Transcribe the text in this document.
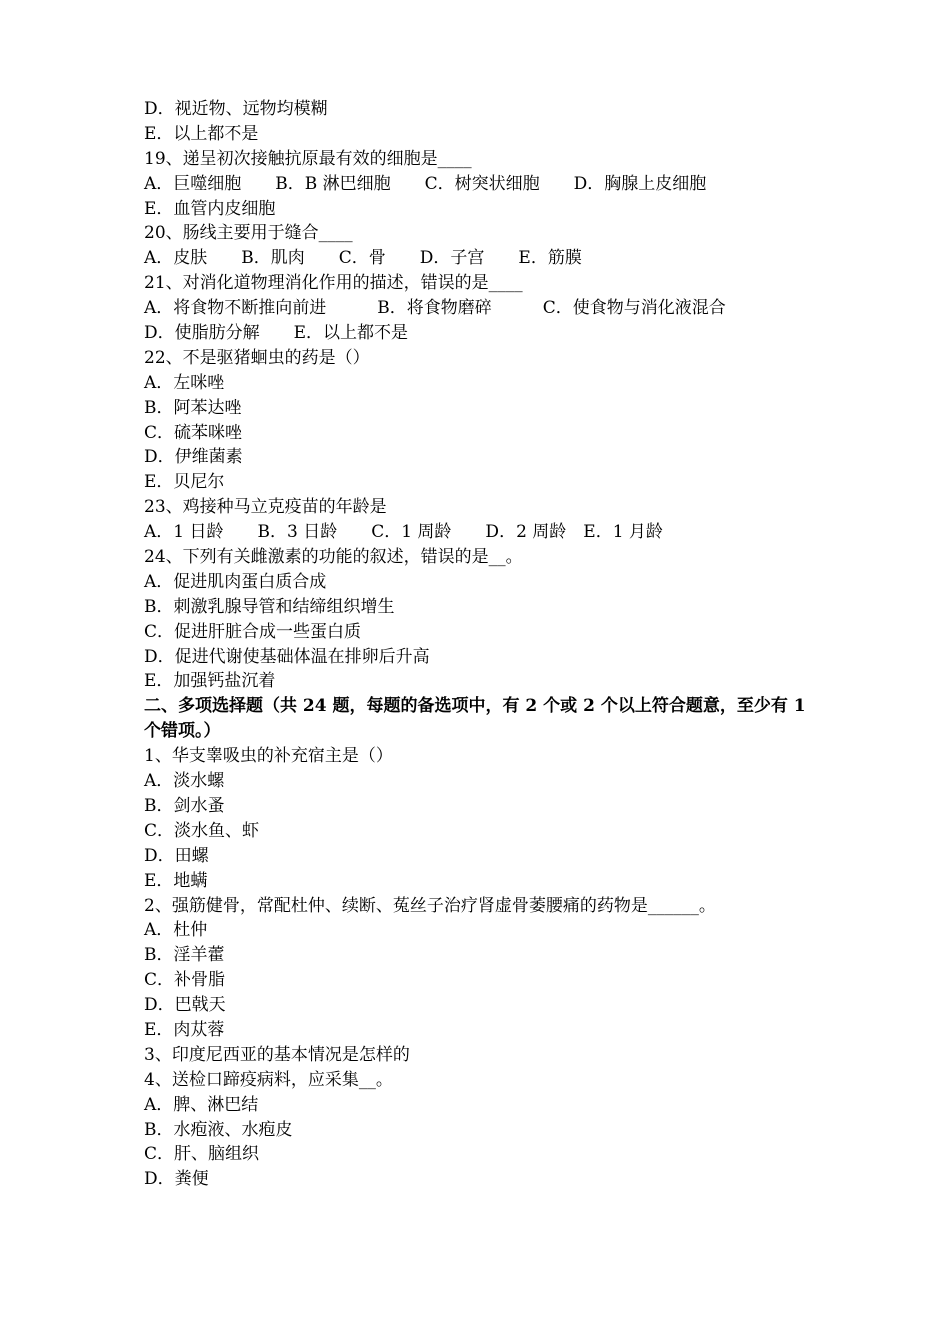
D．视近物、远物均模糊
E．以上都不是
19、递呈初次接触抗原最有效的细胞是____
A．巨噬细胞　　B．B 淋巴细胞　　C．树突状细胞　　D．胸腺上皮细胞
E．血管内皮细胞
20、肠线主要用于缝合____
A．皮肤　　B．肌肉　　C．骨　　D．子宫　　E．筋膜
21、对消化道物理消化作用的描述，错误的是____
A．将食物不断推向前进　　　B．将食物磨碎　　　C．使食物与消化液混合
D．使脂肪分解　　E．以上都不是
22、不是驱猪蛔虫的药是（）
A．左咪唑
B．阿苯达唑
C．硫苯咪唑
D．伊维菌素
E．贝尼尔
23、鸡接种马立克疫苗的年龄是
A．1 日龄　　B．3 日龄　　C．1 周龄　　D．2 周龄　E．1 月龄
24、下列有关雌激素的功能的叙述，错误的是__。
A．促进肌肉蛋白质合成
B．刺激乳腺导管和结缔组织增生
C．促进肝脏合成一些蛋白质
D．促进代谢使基础体温在排卵后升高
E．加强钙盐沉着
二、多项选择题（共 24 题，每题的备选项中，有 2 个或 2 个以上符合题意，至少有 1 个错项。）
1、华支睾吸虫的补充宿主是（）
A．淡水螺
B．剑水蚤
C．淡水鱼、虾
D．田螺
E．地螨
2、强筋健骨，常配杜仲、续断、菟丝子治疗肾虚骨萎腰痛的药物是______。
A．杜仲
B．淫羊藿
C．补骨脂
D．巴戟天
E．肉苁蓉
3、印度尼西亚的基本情况是怎样的
4、送检口蹄疫病料，应采集__。
A．脾、淋巴结
B．水疱液、水疱皮
C．肝、脑组织
D．粪便
